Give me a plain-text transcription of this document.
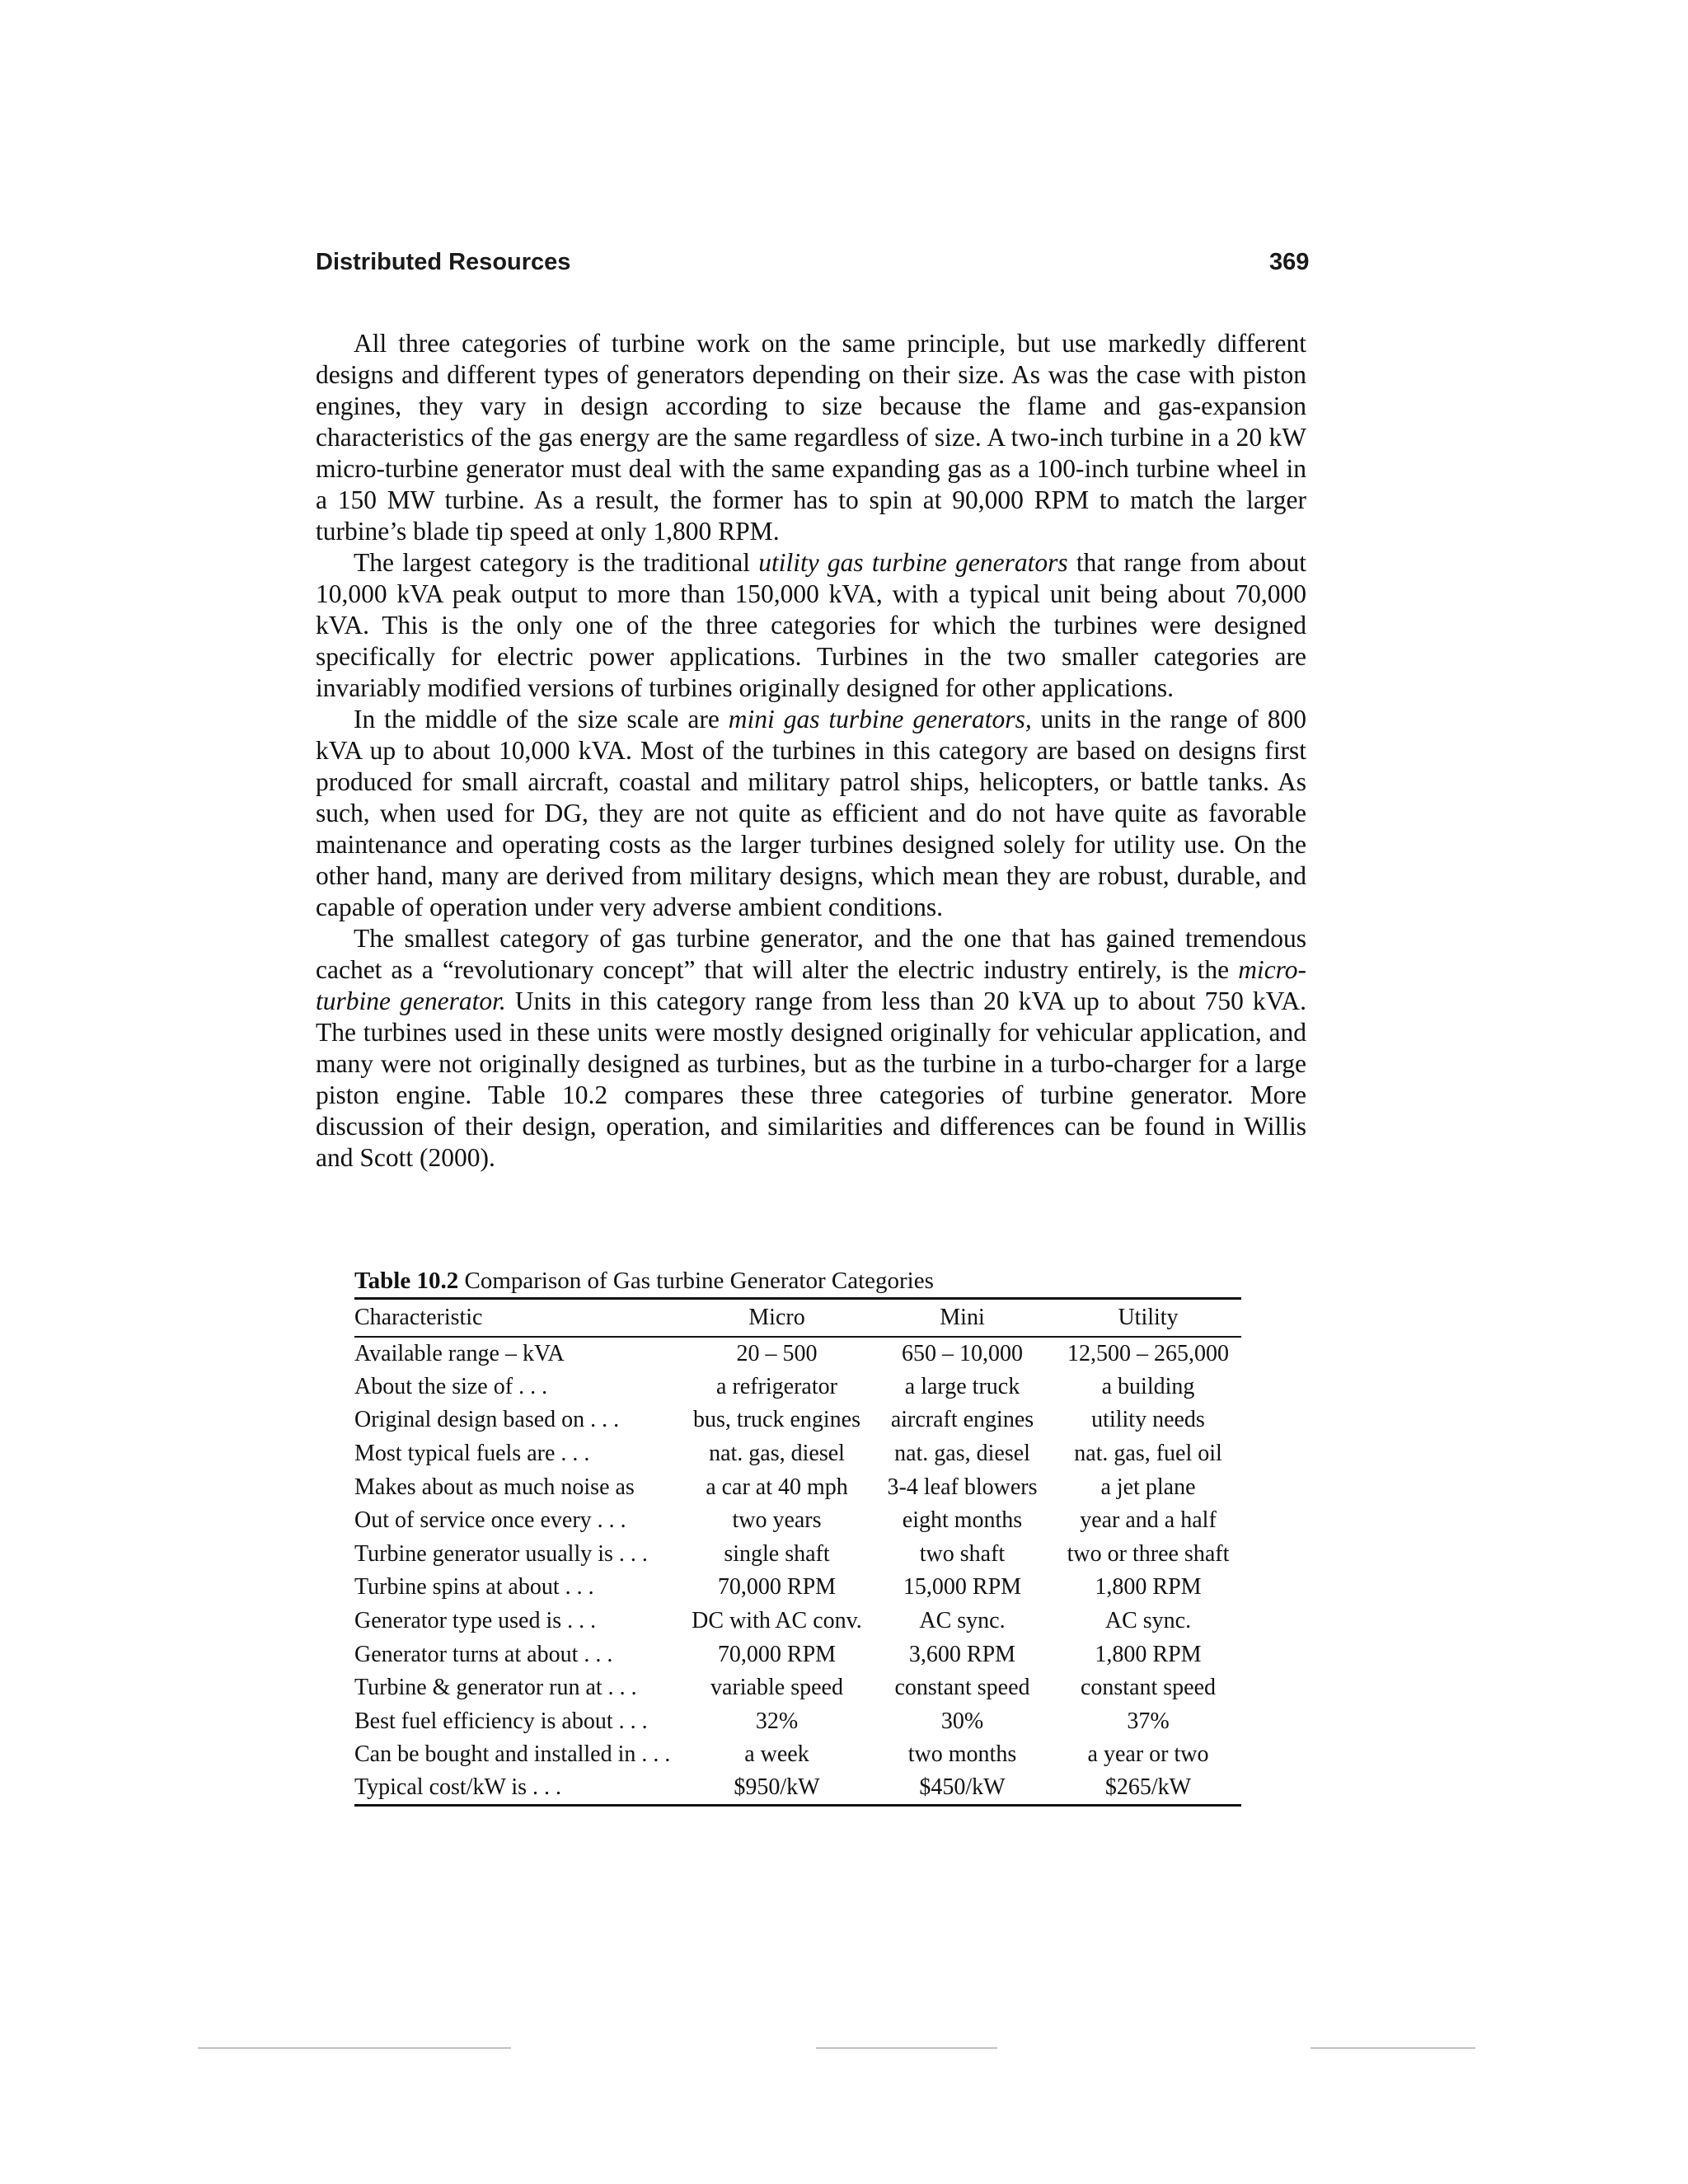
Distributed Resources	369

All three categories of turbine work on the same principle, but use markedly different designs and different types of generators depending on their size. As was the case with piston engines, they vary in design according to size because the flame and gas-expansion characteristics of the gas energy are the same regardless of size. A two-inch turbine in a 20 kW micro-turbine generator must deal with the same expanding gas as a 100-inch turbine wheel in a 150 MW turbine. As a result, the former has to spin at 90,000 RPM to match the larger turbine’s blade tip speed at only 1,800 RPM.

The largest category is the traditional utility gas turbine generators that range from about 10,000 kVA peak output to more than 150,000 kVA, with a typical unit being about 70,000 kVA. This is the only one of the three categories for which the turbines were designed specifically for electric power applications. Turbines in the two smaller categories are invariably modified versions of turbines originally designed for other applications.

In the middle of the size scale are mini gas turbine generators, units in the range of 800 kVA up to about 10,000 kVA. Most of the turbines in this category are based on designs first produced for small aircraft, coastal and military patrol ships, helicopters, or battle tanks. As such, when used for DG, they are not quite as efficient and do not have quite as favorable maintenance and operating costs as the larger turbines designed solely for utility use. On the other hand, many are derived from military designs, which mean they are robust, durable, and capable of operation under very adverse ambient conditions.

The smallest category of gas turbine generator, and the one that has gained tremendous cachet as a “revolutionary concept” that will alter the electric industry entirely, is the micro-turbine generator. Units in this category range from less than 20 kVA up to about 750 kVA. The turbines used in these units were mostly designed originally for vehicular application, and many were not originally designed as turbines, but as the turbine in a turbo-charger for a large piston engine. Table 10.2 compares these three categories of turbine generator. More discussion of their design, operation, and similarities and differences can be found in Willis and Scott (2000).

Table 10.2 Comparison of Gas turbine Generator Categories
Characteristic	Micro	Mini	Utility
Available range – kVA	20 – 500	650 – 10,000	12,500 – 265,000
About the size of . . .	a refrigerator	a large truck	a building
Original design based on . . .	bus, truck engines	aircraft engines	utility needs
Most typical fuels are . . .	nat. gas, diesel	nat. gas, diesel	nat. gas, fuel oil
Makes about as much noise as	a car at 40 mph	3-4 leaf blowers	a jet plane
Out of service once every . . .	two years	eight months	year and a half
Turbine generator usually is . . .	single shaft	two shaft	two or three shaft
Turbine spins at about . . .	70,000 RPM	15,000 RPM	1,800 RPM
Generator type used is . . .	DC with AC conv.	AC sync.	AC sync.
Generator turns at about . . .	70,000 RPM	3,600 RPM	1,800 RPM
Turbine & generator run at . . .	variable speed	constant speed	constant speed
Best fuel efficiency is about . . .	32%	30%	37%
Can be bought and installed in . . .	a week	two months	a year or two
Typical cost/kW is . . .	$950/kW	$450/kW	$265/kW
